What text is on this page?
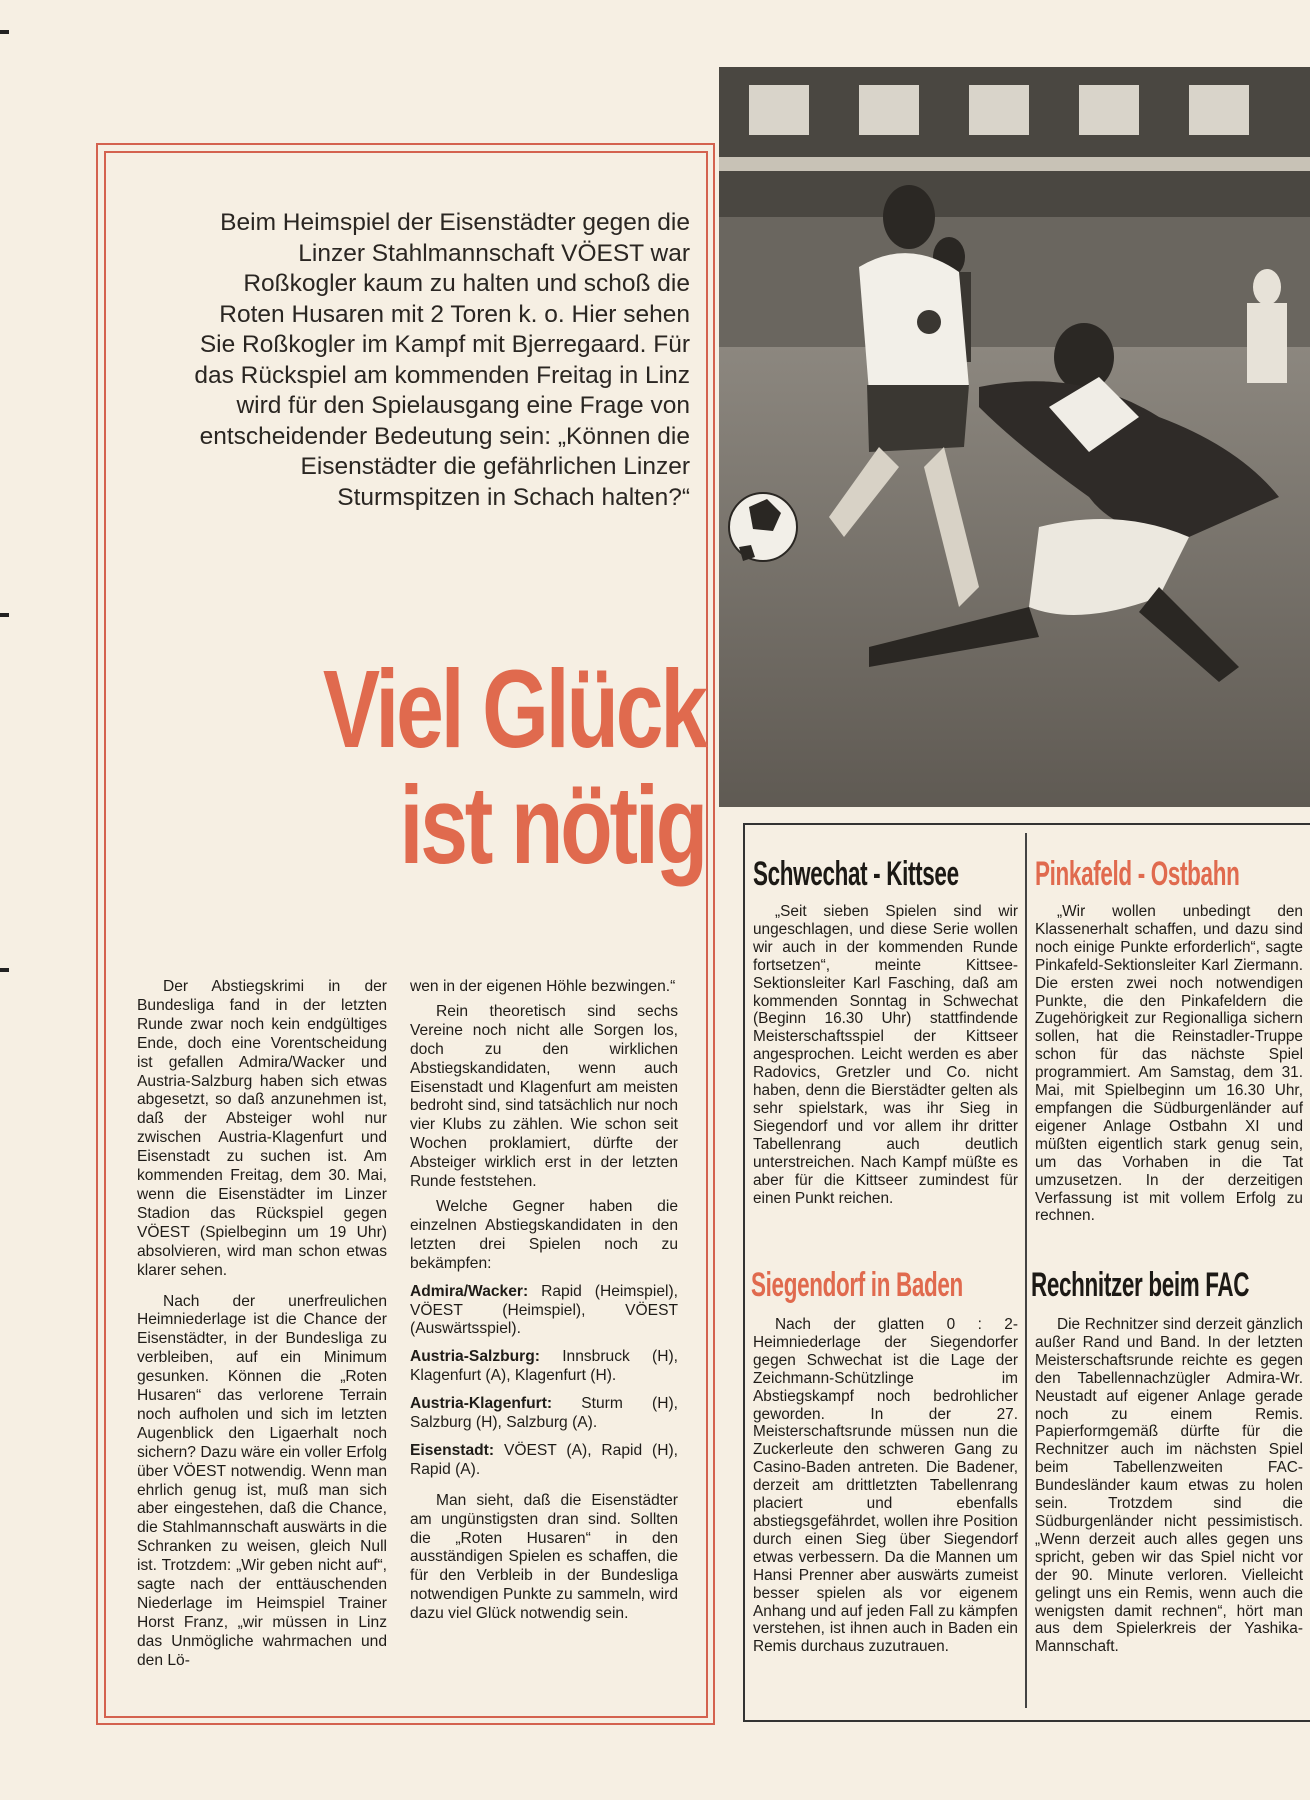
Beim Heimspiel der Eisenstädter gegen die Linzer Stahlmannschaft VÖEST war Roßkogler kaum zu halten und schoß die Roten Husaren mit 2 Toren k. o. Hier sehen Sie Roßkogler im Kampf mit Bjerregaard. Für das Rückspiel am kommenden Freitag in Linz wird für den Spielausgang eine Frage von entscheidender Bedeutung sein: „Können die Eisenstädter die gefährlichen Linzer Sturmspitzen in Schach halten?“

Viel Glück
ist nötig

Der Abstiegskrimi in der Bundesliga fand in der letzten Runde zwar noch kein endgültiges Ende, doch eine Vorentscheidung ist gefallen Admira/Wacker und Austria-Salzburg haben sich etwas abgesetzt, so daß anzunehmen ist, daß der Absteiger wohl nur zwischen Austria-Klagenfurt und Eisenstadt zu suchen ist. Am kommenden Freitag, dem 30. Mai, wenn die Eisenstädter im Linzer Stadion das Rückspiel gegen VÖEST (Spielbeginn um 19 Uhr) absolvieren, wird man schon etwas klarer sehen.

Nach der unerfreulichen Heimniederlage ist die Chance der Eisenstädter, in der Bundesliga zu verbleiben, auf ein Minimum gesunken. Können die „Roten Husaren“ das verlorene Terrain noch aufholen und sich im letzten Augenblick den Ligaerhalt noch sichern? Dazu wäre ein voller Erfolg über VÖEST notwendig. Wenn man ehrlich genug ist, muß man sich aber eingestehen, daß die Chance, die Stahlmannschaft auswärts in die Schranken zu weisen, gleich Null ist. Trotzdem: „Wir geben nicht auf“, sagte nach der enttäuschenden Niederlage im Heimspiel Trainer Horst Franz, „wir müssen in Linz das Unmögliche wahrmachen und den Lö-

wen in der eigenen Höhle bezwingen.“

Rein theoretisch sind sechs Vereine noch nicht alle Sorgen los, doch zu den wirklichen Abstiegskandidaten, wenn auch Eisenstadt und Klagenfurt am meisten bedroht sind, sind tatsächlich nur noch vier Klubs zu zählen. Wie schon seit Wochen proklamiert, dürfte der Absteiger wirklich erst in der letzten Runde feststehen.

Welche Gegner haben die einzelnen Abstiegskandidaten in den letzten drei Spielen noch zu bekämpfen:

Admira/Wacker: Rapid (Heimspiel), VÖEST (Heimspiel), VÖEST (Auswärtsspiel).

Austria-Salzburg: Innsbruck (H), Klagenfurt (A), Klagenfurt (H).

Austria-Klagenfurt: Sturm (H), Salzburg (H), Salzburg (A).

Eisenstadt: VÖEST (A), Rapid (H), Rapid (A).

Man sieht, daß die Eisenstädter am ungünstigsten dran sind. Sollten die „Roten Husaren“ in den ausständigen Spielen es schaffen, die für den Verbleib in der Bundesliga notwendigen Punkte zu sammeln, wird dazu viel Glück notwendig sein.

Schwechat - Kittsee Pinkafeld - Ostbahn

„Seit sieben Spielen sind wir ungeschlagen, und diese Serie wollen wir auch in der kommenden Runde fortsetzen“, meinte Kittsee-Sektionsleiter Karl Fasching, daß am kommenden Sonntag in Schwechat (Beginn 16.30 Uhr) stattfindende Meisterschaftsspiel der Kittseer angesprochen. Leicht werden es aber Radovics, Gretzler und Co. nicht haben, denn die Bierstädter gelten als sehr spielstark, was ihr Sieg in Siegendorf und vor allem ihr dritter Tabellenrang auch deutlich unterstreichen. Nach Kampf müßte es aber für die Kittseer zumindest für einen Punkt reichen.

„Wir wollen unbedingt den Klassenerhalt schaffen, und dazu sind noch einige Punkte erforderlich“, sagte Pinkafeld-Sektionsleiter Karl Ziermann. Die ersten zwei noch notwendigen Punkte, die den Pinkafeldern die Zugehörigkeit zur Regionalliga sichern sollen, hat die Reinstadler-Truppe schon für das nächste Spiel programmiert. Am Samstag, dem 31. Mai, mit Spielbeginn um 16.30 Uhr, empfangen die Südburgenländer auf eigener Anlage Ostbahn XI und müßten eigentlich stark genug sein, um das Vorhaben in die Tat umzusetzen. In der derzeitigen Verfassung ist mit vollem Erfolg zu rechnen.

Siegendorf in Baden Rechnitzer beim FAC

Nach der glatten 0 : 2-Heimniederlage der Siegendorfer gegen Schwechat ist die Lage der Zeichmann-Schützlinge im Abstiegskampf noch bedrohlicher geworden. In der 27. Meisterschaftsrunde müssen nun die Zuckerleute den schweren Gang zu Casino-Baden antreten. Die Badener, derzeit am drittletzten Tabellenrang placiert und ebenfalls abstiegsgefährdet, wollen ihre Position durch einen Sieg über Siegendorf etwas verbessern. Da die Mannen um Hansi Prenner aber auswärts zumeist besser spielen als vor eigenem Anhang und auf jeden Fall zu kämpfen verstehen, ist ihnen auch in Baden ein Remis durchaus zuzutrauen.

Die Rechnitzer sind derzeit gänzlich außer Rand und Band. In der letzten Meisterschaftsrunde reichte es gegen den Tabellennachzügler Admira-Wr. Neustadt auf eigener Anlage gerade noch zu einem Remis. Papierformgemäß dürfte für die Rechnitzer auch im nächsten Spiel beim Tabellenzweiten FAC-Bundesländer kaum etwas zu holen sein. Trotzdem sind die Südburgenländer nicht pessimistisch. „Wenn derzeit auch alles gegen uns spricht, geben wir das Spiel nicht vor der 90. Minute verloren. Vielleicht gelingt uns ein Remis, wenn auch die wenigsten damit rechnen“, hört man aus dem Spielerkreis der Yashika-Mannschaft.
